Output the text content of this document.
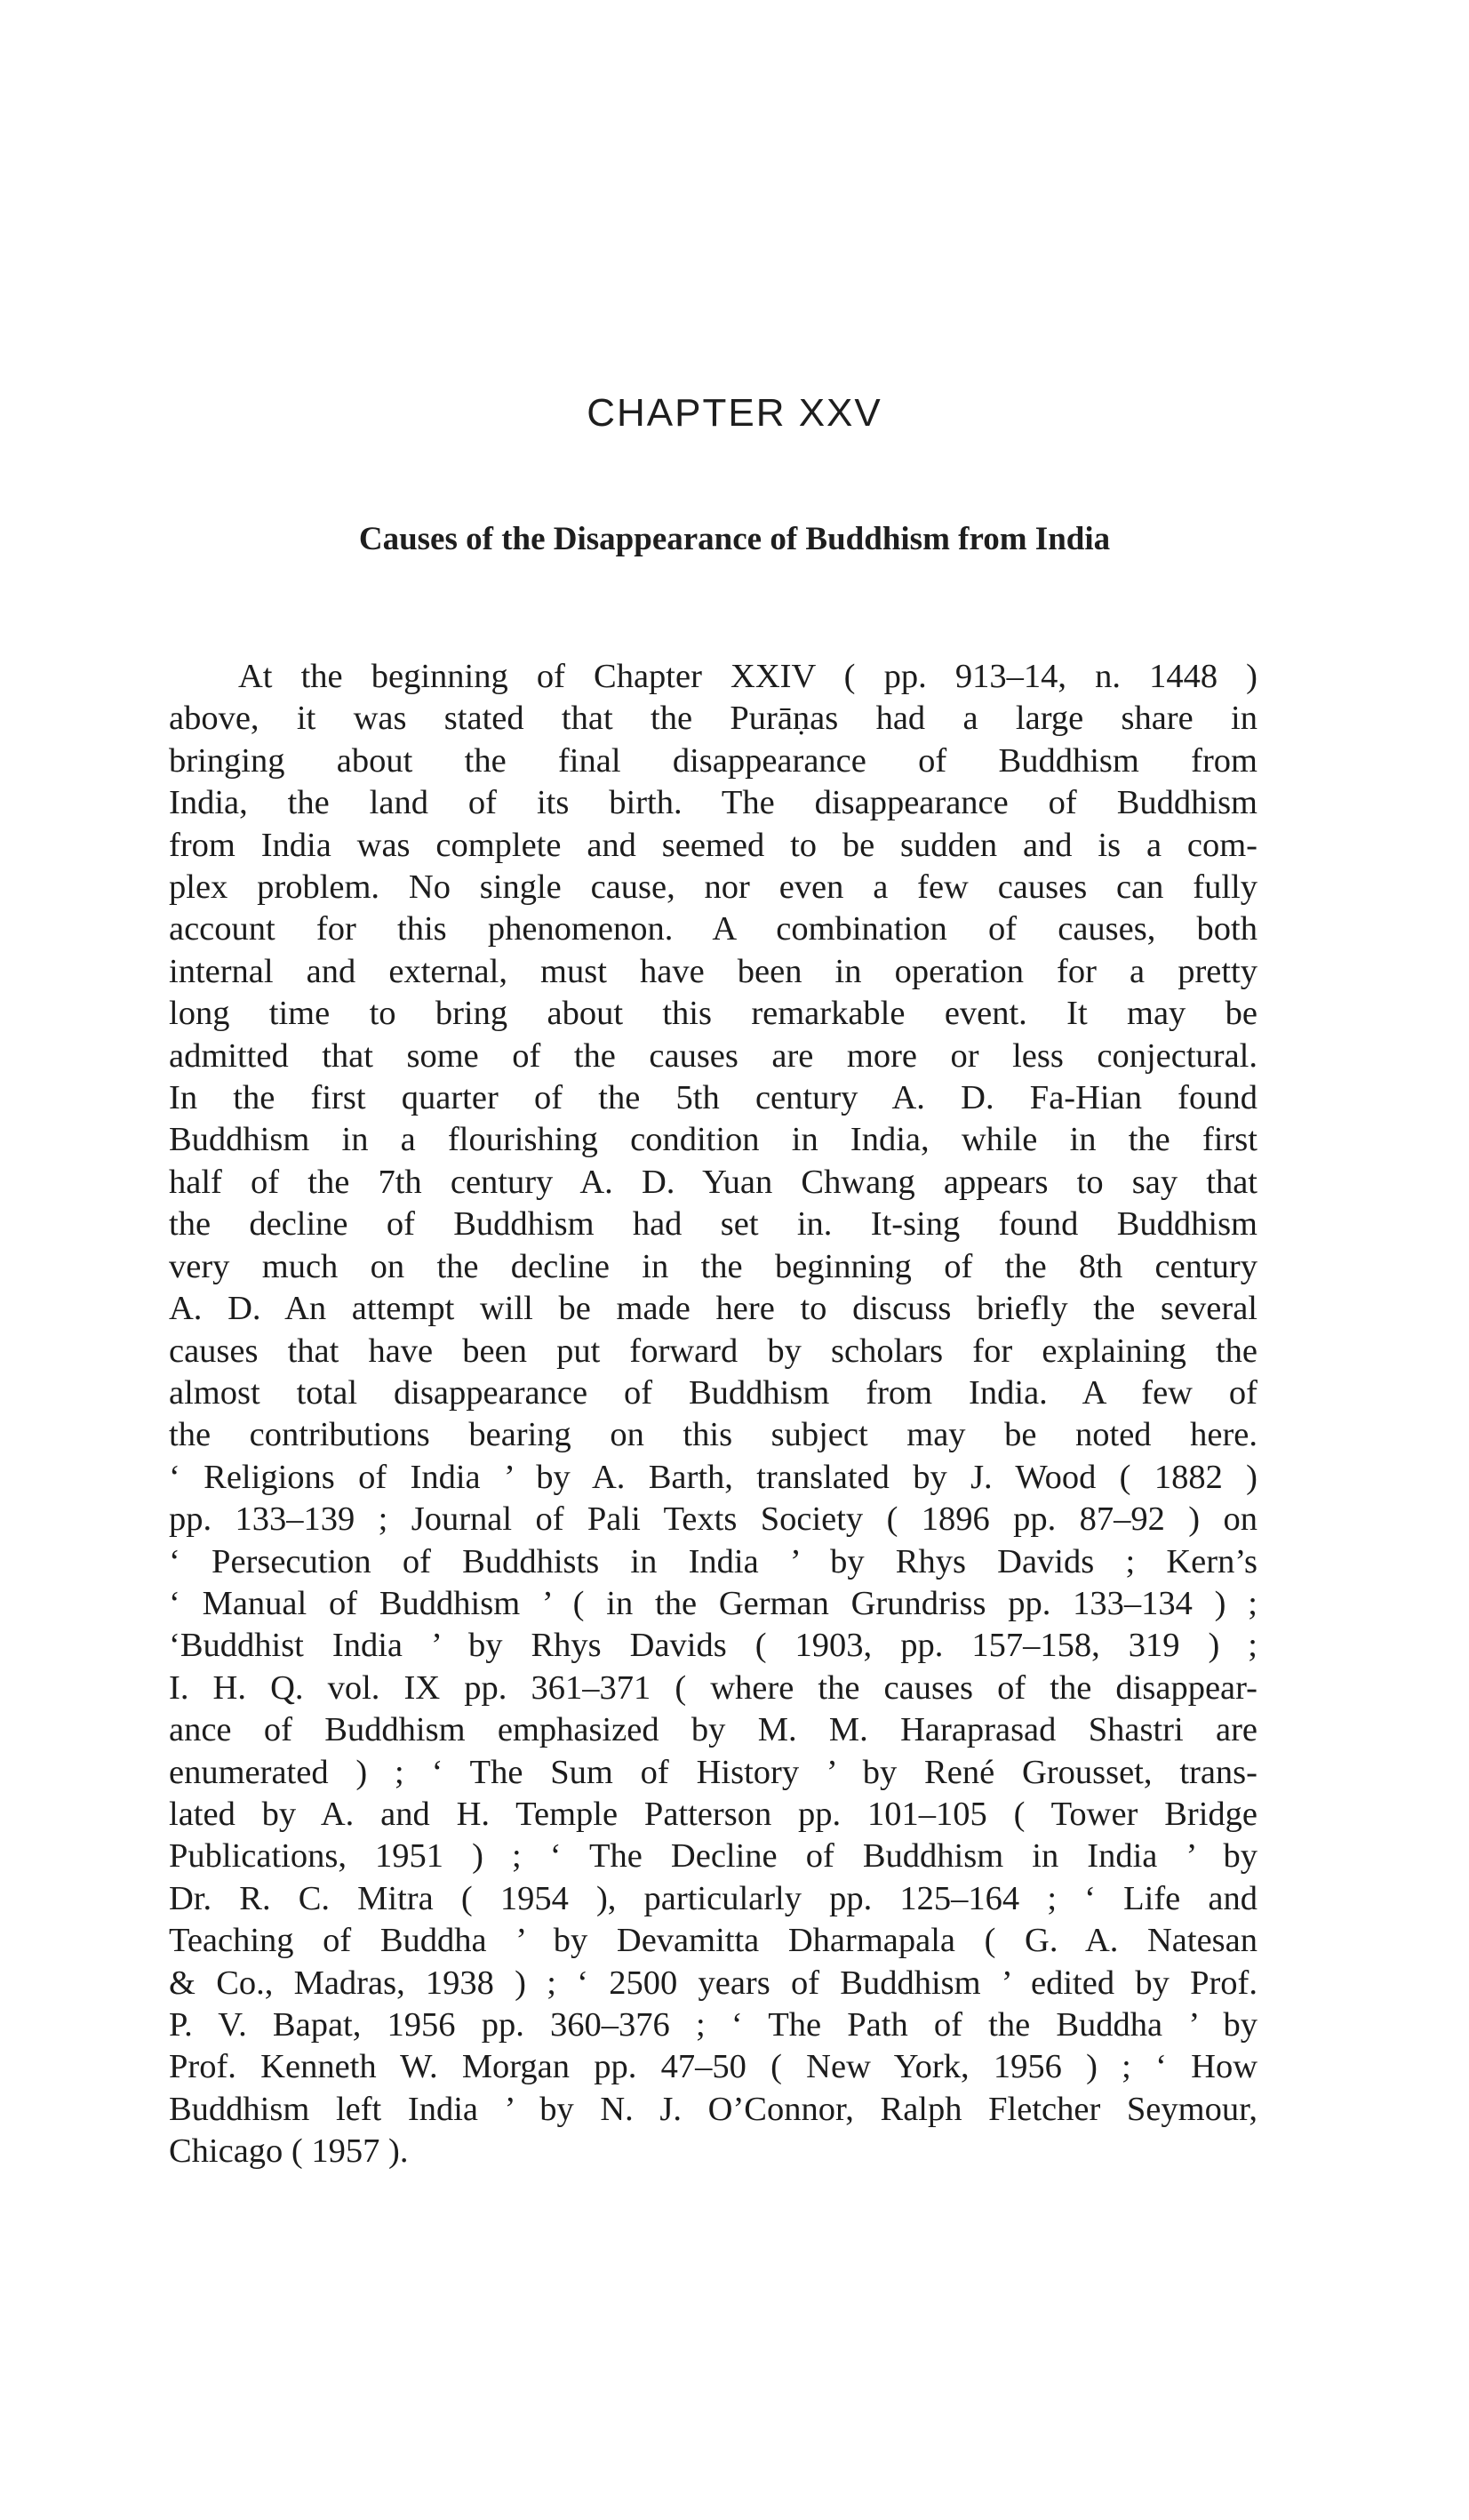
CHAPTER XXV
Causes of the Disappearance of Buddhism from India
At the beginning of Chapter XXIV ( pp. 913–14, n. 1448 )
above, it was stated that the Purāṇas had a large share in
bringing about the final disappearance of Buddhism from
India, the land of its birth. The disappearance of Buddhism
from India was complete and seemed to be sudden and is a com-
plex problem. No single cause, nor even a few causes can fully
account for this phenomenon. A combination of causes, both
internal and external, must have been in operation for a pretty
long time to bring about this remarkable event. It may be
admitted that some of the causes are more or less conjectural.
In the first quarter of the 5th century A. D. Fa-Hian found
Buddhism in a flourishing condition in India, while in the first
half of the 7th century A. D. Yuan Chwang appears to say that
the decline of Buddhism had set in. It-sing found Buddhism
very much on the decline in the beginning of the 8th century
A. D. An attempt will be made here to discuss briefly the several
causes that have been put forward by scholars for explaining the
almost total disappearance of Buddhism from India. A few of
the contributions bearing on this subject may be noted here.
‘ Religions of India ’ by A. Barth, translated by J. Wood ( 1882 )
pp. 133–139 ; Journal of Pali Texts Society ( 1896 pp. 87–92 ) on
‘ Persecution of Buddhists in India ’ by Rhys Davids ; Kern’s
‘ Manual of Buddhism ’ ( in the German Grundriss pp. 133–134 ) ;
‘Buddhist India ’ by Rhys Davids ( 1903, pp. 157–158, 319 ) ;
I. H. Q. vol. IX pp. 361–371 ( where the causes of the disappear-
ance of Buddhism emphasized by M. M. Haraprasad Shastri are
enumerated ) ; ‘ The Sum of History ’ by René Grousset, trans-
lated by A. and H. Temple Patterson pp. 101–105 ( Tower Bridge
Publications, 1951 ) ; ‘ The Decline of Buddhism in India ’ by
Dr. R. C. Mitra ( 1954 ), particularly pp. 125–164 ; ‘ Life and
Teaching of Buddha ’ by Devamitta Dharmapala ( G. A. Natesan
& Co., Madras, 1938 ) ; ‘ 2500 years of Buddhism ’ edited by Prof.
P. V. Bapat, 1956 pp. 360–376 ; ‘ The Path of the Buddha ’ by
Prof. Kenneth W. Morgan pp. 47–50 ( New York, 1956 ) ; ‘ How
Buddhism left India ’ by N. J. O’Connor, Ralph Fletcher Seymour,
Chicago ( 1957 ).
